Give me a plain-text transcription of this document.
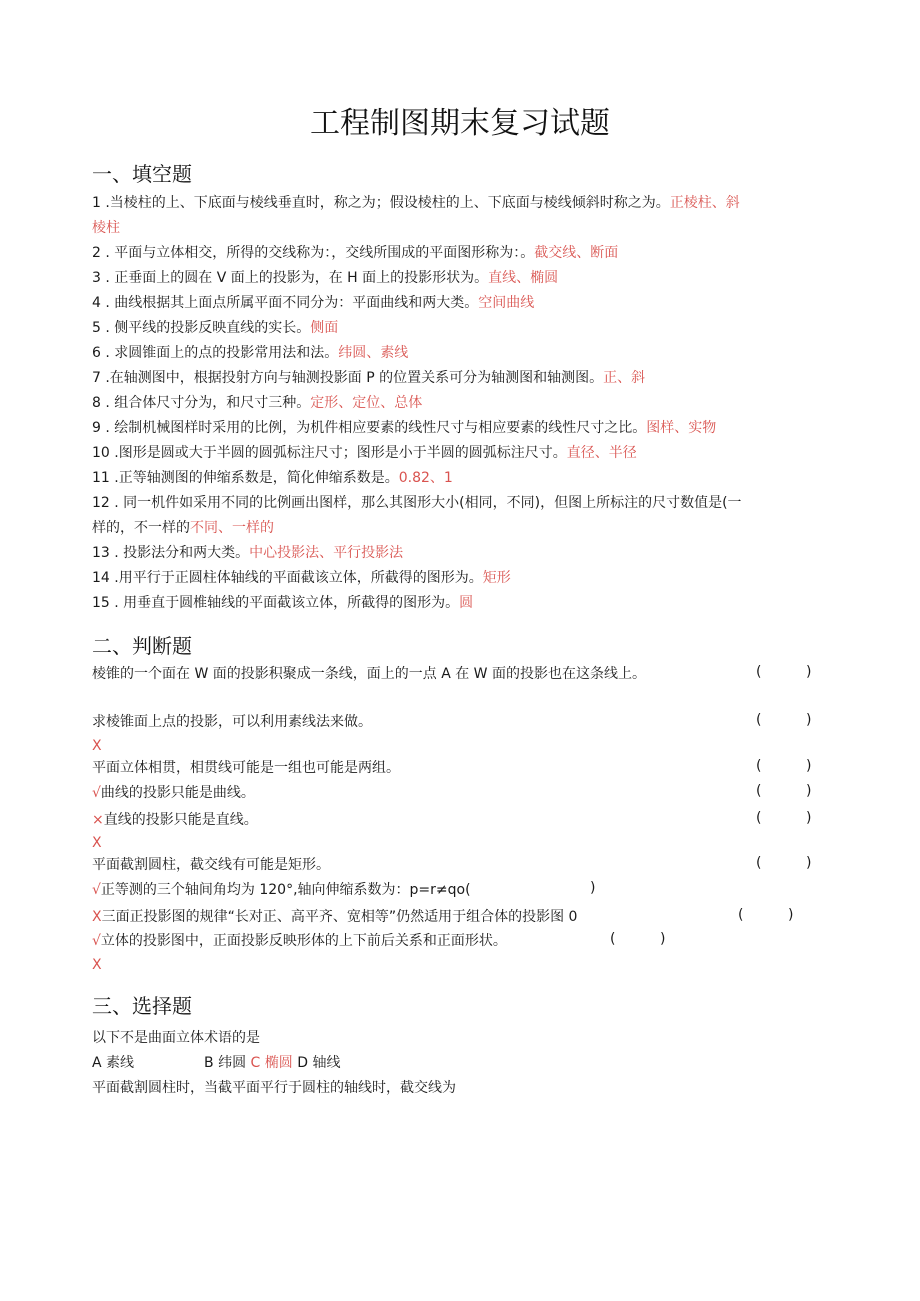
工程制图期末复习试题
一、填空题
1 .当棱柱的上、下底面与棱线垂直时，称之为；假设棱柱的上、下底面与棱线倾斜时称之为。正棱柱、斜
棱柱
2 . 平面与立体相交，所得的交线称为：，交线所围成的平面图形称为：。截交线、断面
3 . 正垂面上的圆在 V 面上的投影为，在 H 面上的投影形状为。直线、椭圆
4 . 曲线根据其上面点所属平面不同分为：平面曲线和两大类。空间曲线
5 . 侧平线的投影反映直线的实长。侧面
6 . 求圆锥面上的点的投影常用法和法。纬圆、素线
7 .在轴测图中，根据投射方向与轴测投影面 P 的位置关系可分为轴测图和轴测图。正、斜
8 . 组合体尺寸分为，和尺寸三种。定形、定位、总体
9 . 绘制机械图样时采用的比例，为机件相应要素的线性尺寸与相应要素的线性尺寸之比。图样、实物
10 .图形是圆或大于半圆的圆弧标注尺寸；图形是小于半圆的圆弧标注尺寸。直径、半径
11 .正等轴测图的伸缩系数是，简化伸缩系数是。0.82、1
12 . 同一机件如采用不同的比例画出图样，那么其图形大小(相同，不同)，但图上所标注的尺寸数值是(一
样的，不一样的不同、一样的
13 . 投影法分和两大类。中心投影法、平行投影法
14 .用平行于正圆柱体轴线的平面截该立体，所截得的图形为。矩形
15 . 用垂直于圆椎轴线的平面截该立体，所截得的图形为。圆
二、判断题
棱锥的一个面在 W 面的投影积聚成一条线，面上的一点 A 在 W 面的投影也在这条线上。	(          )
求棱锥面上点的投影，可以利用素线法来做。	(          )
X
平面立体相贯，相贯线可能是一组也可能是两组。	(          )
√曲线的投影只能是曲线。	(          )
×直线的投影只能是直线。	(          )
X
平面截割圆柱，截交线有可能是矩形。	(          )
√正等测的三个轴间角均为 120°,轴向伸缩系数为：p=r≠qo(	)
X三面正投影图的规律“长对正、高平齐、宽相等”仍然适用于组合体的投影图 0	(          )
√立体的投影图中，正面投影反映形体的上下前后关系和正面形状。	(          )
X
三、选择题
以下不是曲面立体术语的是
A 素线	B 纬圆 C 椭圆 D 轴线
平面截割圆柱时，当截平面平行于圆柱的轴线时，截交线为
